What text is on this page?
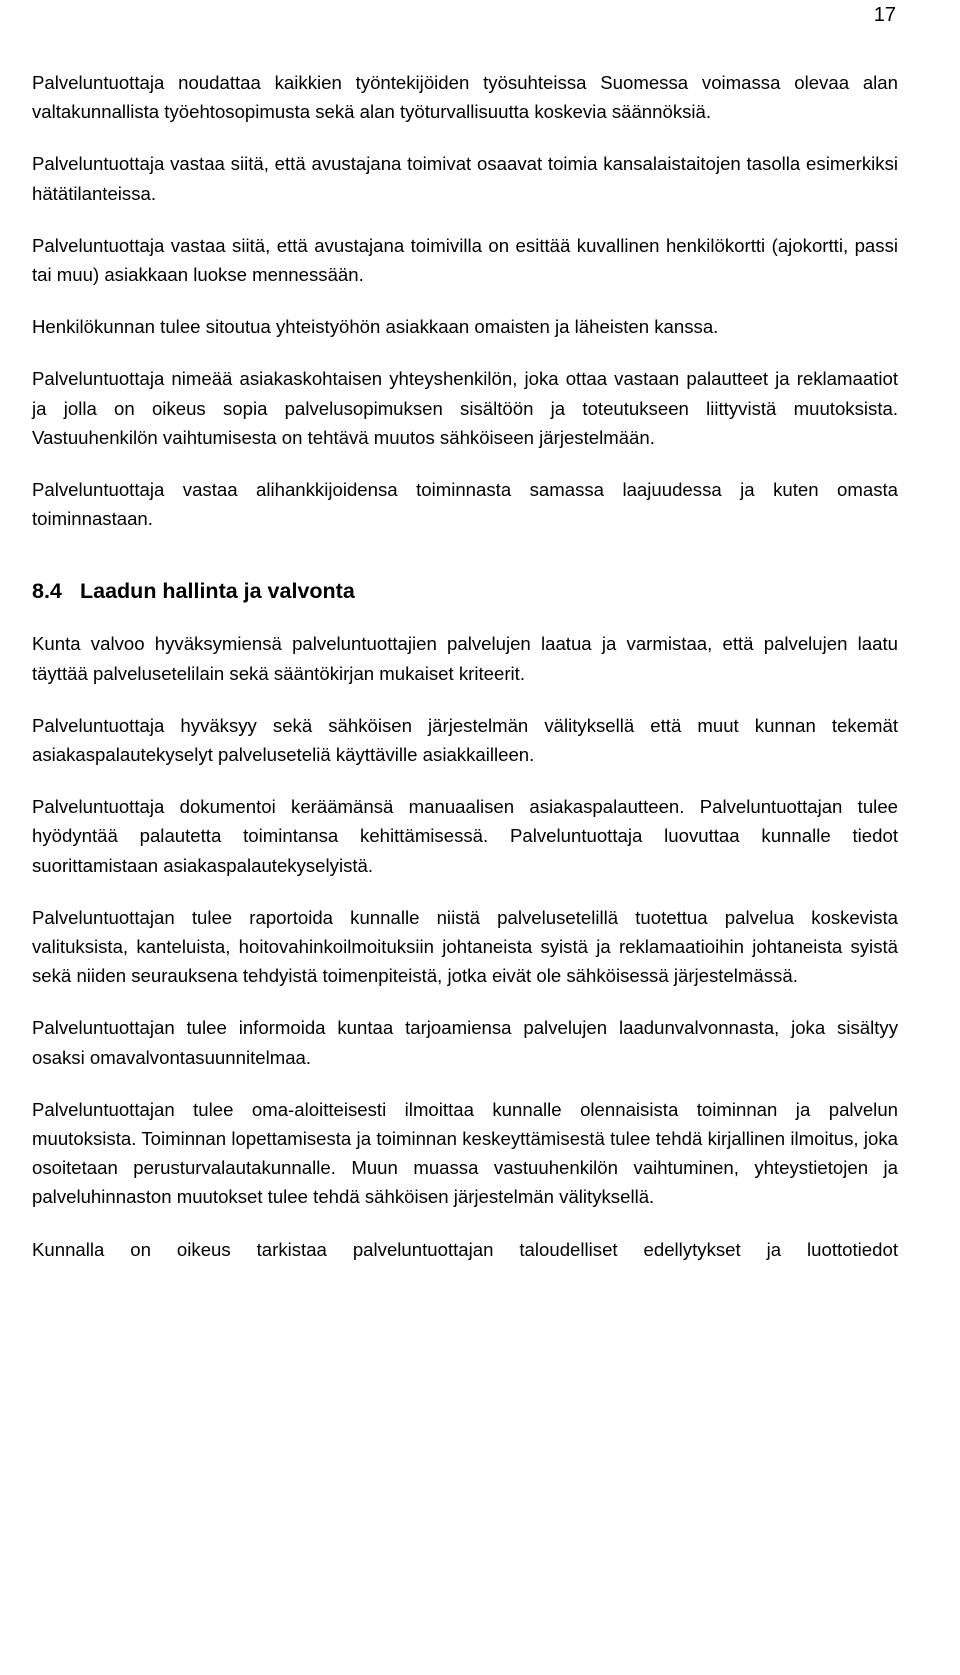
17

Palveluntuottaja noudattaa kaikkien työntekijöiden työsuhteissa Suomessa voimassa olevaa alan valtakunnallista työehtosopimusta sekä alan työturvallisuutta koskevia säännöksiä.

Palveluntuottaja vastaa siitä, että avustajana toimivat osaavat toimia kansalaistaitojen tasolla esimerkiksi hätätilanteissa.

Palveluntuottaja vastaa siitä, että avustajana toimivilla on esittää kuvallinen henkilökortti (ajokortti, passi tai muu) asiakkaan luokse mennessään.

Henkilökunnan tulee sitoutua yhteistyöhön asiakkaan omaisten ja läheisten kanssa.

Palveluntuottaja nimeää asiakaskohtaisen yhteyshenkilön, joka ottaa vastaan palautteet ja reklamaatiot ja jolla on oikeus sopia palvelusopimuksen sisältöön ja toteutukseen liittyvistä muutoksista. Vastuuhenkilön vaihtumisesta on tehtävä muutos sähköiseen järjestelmään.

Palveluntuottaja vastaa alihankkijoidensa toiminnasta samassa laajuudessa ja kuten omasta toiminnastaan.

8.4 Laadun hallinta ja valvonta

Kunta valvoo hyväksymiensä palveluntuottajien palvelujen laatua ja varmistaa, että palvelujen laatu täyttää palvelusetelilain sekä sääntökirjan mukaiset kriteerit.

Palveluntuottaja hyväksyy sekä sähköisen järjestelmän välityksellä että muut kunnan tekemät asiakaspalautekyselyt palveluseteliä käyttäville asiakkailleen.

Palveluntuottaja dokumentoi keräämänsä manuaalisen asiakaspalautteen. Palveluntuottajan tulee hyödyntää palautetta toimintansa kehittämisessä. Palveluntuottaja luovuttaa kunnalle tiedot suorittamistaan asiakaspalautekyselyistä.

Palveluntuottajan tulee raportoida kunnalle niistä palvelusetelillä tuotettua palvelua koskevista valituksista, kanteluista, hoitovahinkoilmoituksiin johtaneista syistä ja reklamaatioihin johtaneista syistä sekä niiden seurauksena tehdyistä toimenpiteistä, jotka eivät ole sähköisessä järjestelmässä.

Palveluntuottajan tulee informoida kuntaa tarjoamiensa palvelujen laadunvalvonnasta, joka sisältyy osaksi omavalvontasuunnitelmaa.

Palveluntuottajan tulee oma-aloitteisesti ilmoittaa kunnalle olennaisista toiminnan ja palvelun muutoksista. Toiminnan lopettamisesta ja toiminnan keskeyttämisestä tulee tehdä kirjallinen ilmoitus, joka osoitetaan perusturvalautakunnalle. Muun muassa vastuuhenkilön vaihtuminen, yhteystietojen ja palveluhinnaston muutokset tulee tehdä sähköisen järjestelmän välityksellä.

Kunnalla on oikeus tarkistaa palveluntuottajan taloudelliset edellytykset ja luottotiedot
